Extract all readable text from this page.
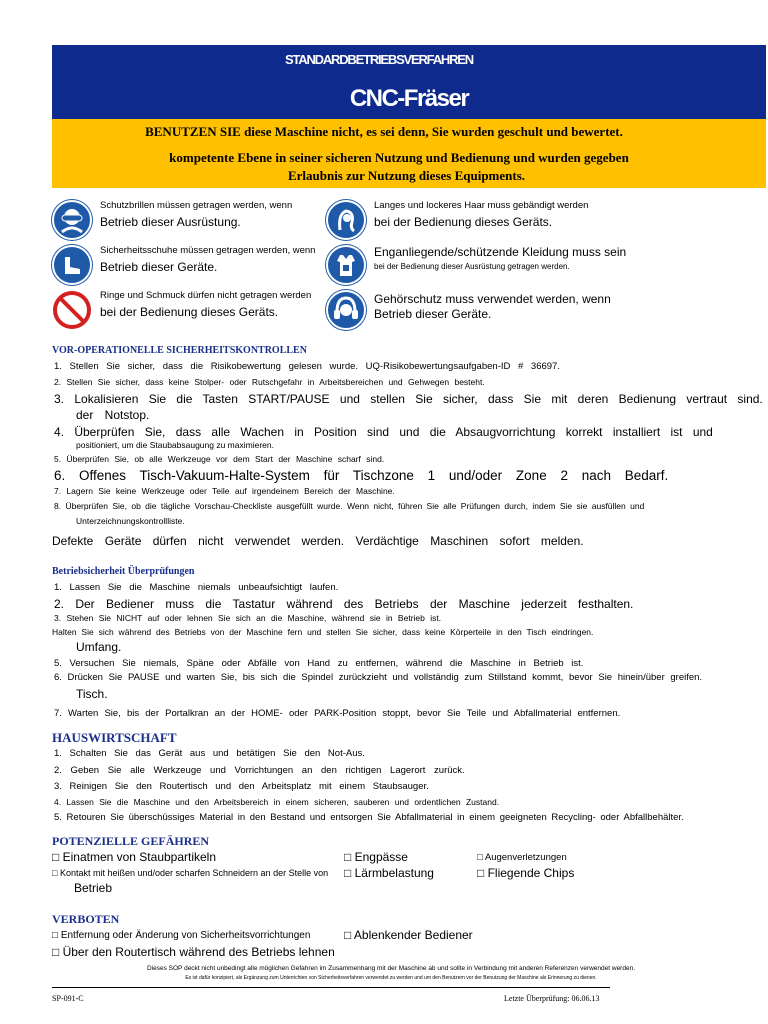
STANDARDBETRIEBSVERFAHREN
CNC-Fräser
BENUTZEN SIE diese Maschine nicht, es sei denn, Sie wurden geschult und bewertet.
kompetente Ebene in seiner sicheren Nutzung und Bedienung und wurden gegeben
Erlaubnis zur Nutzung dieses Equipments.
Schutzbrillen müssen getragen werden, wenn
Betrieb dieser Ausrüstung.
Langes und lockeres Haar muss gebändigt werden
bei der Bedienung dieses Geräts.
Sicherheitsschuhe müssen getragen werden, wenn
Betrieb dieser Geräte.
Enganliegende/schützende Kleidung muss sein
bei der Bedienung dieser Ausrüstung getragen werden.
Ringe und Schmuck dürfen nicht getragen werden
bei der Bedienung dieses Geräts.
Gehörschutz muss verwendet werden, wenn
Betrieb dieser Geräte.
VOR-OPERATIONELLE SICHERHEITSKONTROLLEN
1. Stellen Sie sicher, dass die Risikobewertung gelesen wurde. UQ-Risikobewertungsaufgaben-ID # 36697.
2. Stellen Sie sicher, dass keine Stolper- oder Rutschgefahr in Arbeitsbereichen und Gehwegen besteht.
3. Lokalisieren Sie die Tasten START/PAUSE und stellen Sie sicher, dass Sie mit deren Bedienung vertraut sind.
der Notstop.
4. Überprüfen Sie, dass alle Wachen in Position sind und die Absaugvorrichtung korrekt installiert ist und
positioniert, um die Staubabsaugung zu maximieren.
5. Überprüfen Sie, ob alle Werkzeuge vor dem Start der Maschine scharf sind.
6. Offenes Tisch-Vakuum-Halte-System für Tischzone 1 und/oder Zone 2 nach Bedarf.
7. Lagern Sie keine Werkzeuge oder Teile auf irgendeinem Bereich der Maschine.
8. Überprüfen Sie, ob die tägliche Vorschau-Checkliste ausgefüllt wurde. Wenn nicht, führen Sie alle Prüfungen durch, indem Sie sie ausfüllen und
Unterzeichnungskontrollliste.
Defekte Geräte dürfen nicht verwendet werden. Verdächtige Maschinen sofort melden.
Betriebsicherheit Überprüfungen
1. Lassen Sie die Maschine niemals unbeaufsichtigt laufen.
2. Der Bediener muss die Tastatur während des Betriebs der Maschine jederzeit festhalten.
3. Stehen Sie NICHT auf oder lehnen Sie sich an die Maschine, während sie in Betrieb ist.
Halten Sie sich während des Betriebs von der Maschine fern und stellen Sie sicher, dass keine Körperteile in den Tisch eindringen.
Umfang.
5. Versuchen Sie niemals, Späne oder Abfälle von Hand zu entfernen, während die Maschine in Betrieb ist.
6. Drücken Sie PAUSE und warten Sie, bis sich die Spindel zurückzieht und vollständig zum Stillstand kommt, bevor Sie hinein/über greifen.
Tisch.
7. Warten Sie, bis der Portalkran an der HOME- oder PARK-Position stoppt, bevor Sie Teile und Abfallmaterial entfernen.
HAUSWIRTSCHAFT
1. Schalten Sie das Gerät aus und betätigen Sie den Not-Aus.
2. Geben Sie alle Werkzeuge und Vorrichtungen an den richtigen Lagerort zurück.
3. Reinigen Sie den Routertisch und den Arbeitsplatz mit einem Staubsauger.
4. Lassen Sie die Maschine und den Arbeitsbereich in einem sicheren, sauberen und ordentlichen Zustand.
5. Retouren Sie überschüssiges Material in den Bestand und entsorgen Sie Abfallmaterial in einem geeigneten Recycling- oder Abfallbehälter.
POTENZIELLE GEFÄHREN
□ Einatmen von Staubpartikeln	□ Engpässe	□ Augenverletzungen
□ Kontakt mit heißen und/oder scharfen Schneidern an der Stelle von
Betrieb
□ Lärmbelastung	□ Fliegende Chips
VERBOTEN
□ Entfernung oder Änderung von Sicherheitsvorrichtungen	□ Ablenkender Bediener
□ Über den Routertisch während des Betriebs lehnen
Dieses SOP deckt nicht unbedingt alle möglichen Gefahren im Zusammenhang mit der Maschine ab und sollte in Verbindung mit anderen Referenzen verwendet werden.
Es ist dafür konzipiert, als Ergänzung zum Unterrichten von Sicherheitsverfahren verwendet zu werden und um den Benutzern vor der Benutzung der Maschine als Erinnerung zu dienen.
SP-091-C	Letzte Überprüfung: 06.06.13
